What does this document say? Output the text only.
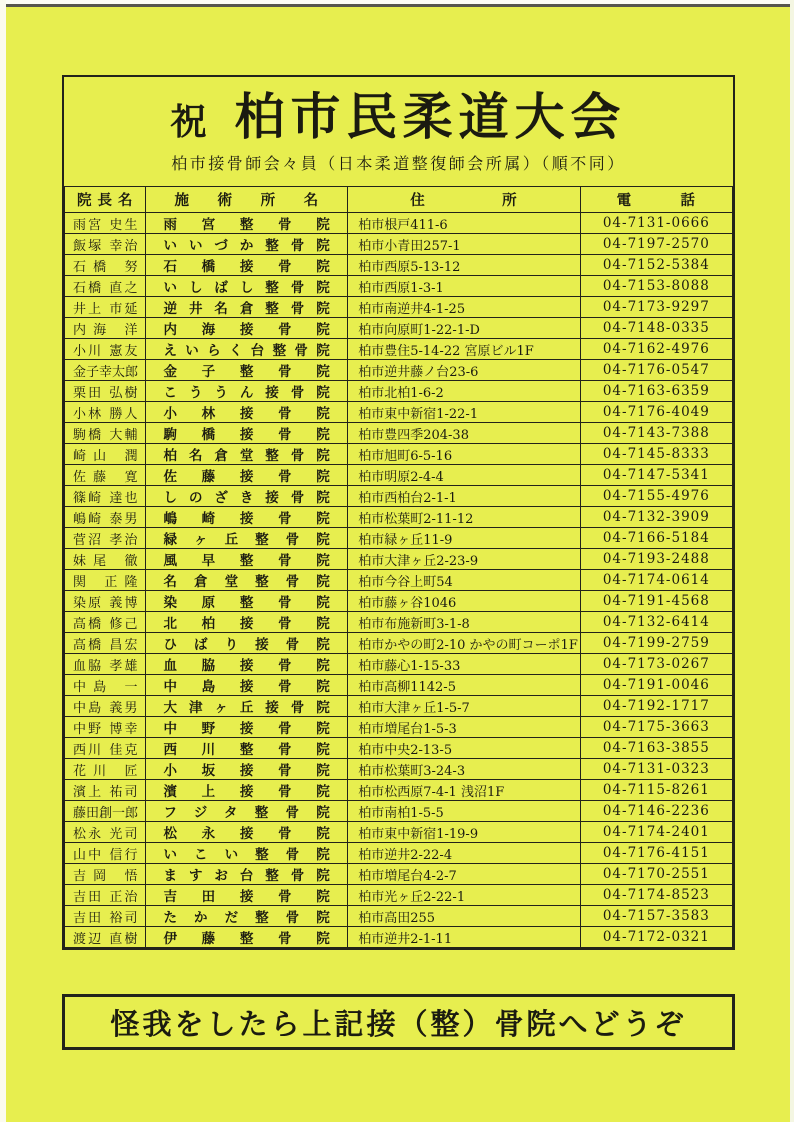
祝 柏市民柔道大会
柏市接骨師会々員（日本柔道整復師会所属）（順不同）
院長名	施術所名	住所	電話
雨宮 史生	雨宮整骨院	柏市根戸411-6	04-7131-0666
飯塚 幸治	いいづか整骨院	柏市小青田257-1	04-7197-2570
石橋 努	石橋接骨院	柏市西原5-13-12	04-7152-5384
石橋 直之	いしばし整骨院	柏市西原1-3-1	04-7153-8088
井上 市延	逆井名倉整骨院	柏市南逆井4-1-25	04-7173-9297
内海 洋	内海接骨院	柏市向原町1-22-1-D	04-7148-0335
小川 憲友	えいらく台整骨院	柏市豊住5-14-22 宮原ビル1F	04-7162-4976
金子幸太郎	金子整骨院	柏市逆井藤ノ台23-6	04-7176-0547
栗田 弘樹	こううん接骨院	柏市北柏1-6-2	04-7163-6359
小林 勝人	小林接骨院	柏市東中新宿1-22-1	04-7176-4049
駒橋 大輔	駒橋接骨院	柏市豊四季204-38	04-7143-7388
崎山 潤	柏名倉堂整骨院	柏市旭町6-5-16	04-7145-8333
佐藤 寛	佐藤接骨院	柏市明原2-4-4	04-7147-5341
篠崎 達也	しのざき接骨院	柏市西柏台2-1-1	04-7155-4976
嶋崎 泰男	嶋崎接骨院	柏市松葉町2-11-12	04-7132-3909
菅沼 孝治	緑ヶ丘整骨院	柏市緑ヶ丘11-9	04-7166-5184
妹尾 徹	風早整骨院	柏市大津ヶ丘2-23-9	04-7193-2488
関 正隆	名倉堂整骨院	柏市今谷上町54	04-7174-0614
染原 義博	染原整骨院	柏市藤ヶ谷1046	04-7191-4568
高橋 修己	北柏接骨院	柏市布施新町3-1-8	04-7132-6414
高橋 昌宏	ひばり接骨院	柏市かやの町2-10 かやの町コーポ1F	04-7199-2759
血脇 孝雄	血脇接骨院	柏市藤心1-15-33	04-7173-0267
中島 一	中島接骨院	柏市高柳1142-5	04-7191-0046
中島 義男	大津ヶ丘接骨院	柏市大津ヶ丘1-5-7	04-7192-1717
中野 博幸	中野接骨院	柏市増尾台1-5-3	04-7175-3663
西川 佳克	西川整骨院	柏市中央2-13-5	04-7163-3855
花川 匠	小坂接骨院	柏市松葉町3-24-3	04-7131-0323
濱上 祐司	濱上接骨院	柏市松西原7-4-1 浅沼1F	04-7115-8261
藤田創一郎	フジタ整骨院	柏市南柏1-5-5	04-7146-2236
松永 光司	松永接骨院	柏市東中新宿1-19-9	04-7174-2401
山中 信行	いこい整骨院	柏市逆井2-22-4	04-7176-4151
吉岡 悟	ますお台整骨院	柏市増尾台4-2-7	04-7170-2551
吉田 正治	吉田接骨院	柏市光ヶ丘2-22-1	04-7174-8523
吉田 裕司	たかだ整骨院	柏市高田255	04-7157-3583
渡辺 直樹	伊藤整骨院	柏市逆井2-1-11	04-7172-0321
怪我をしたら上記接（整）骨院へどうぞ
